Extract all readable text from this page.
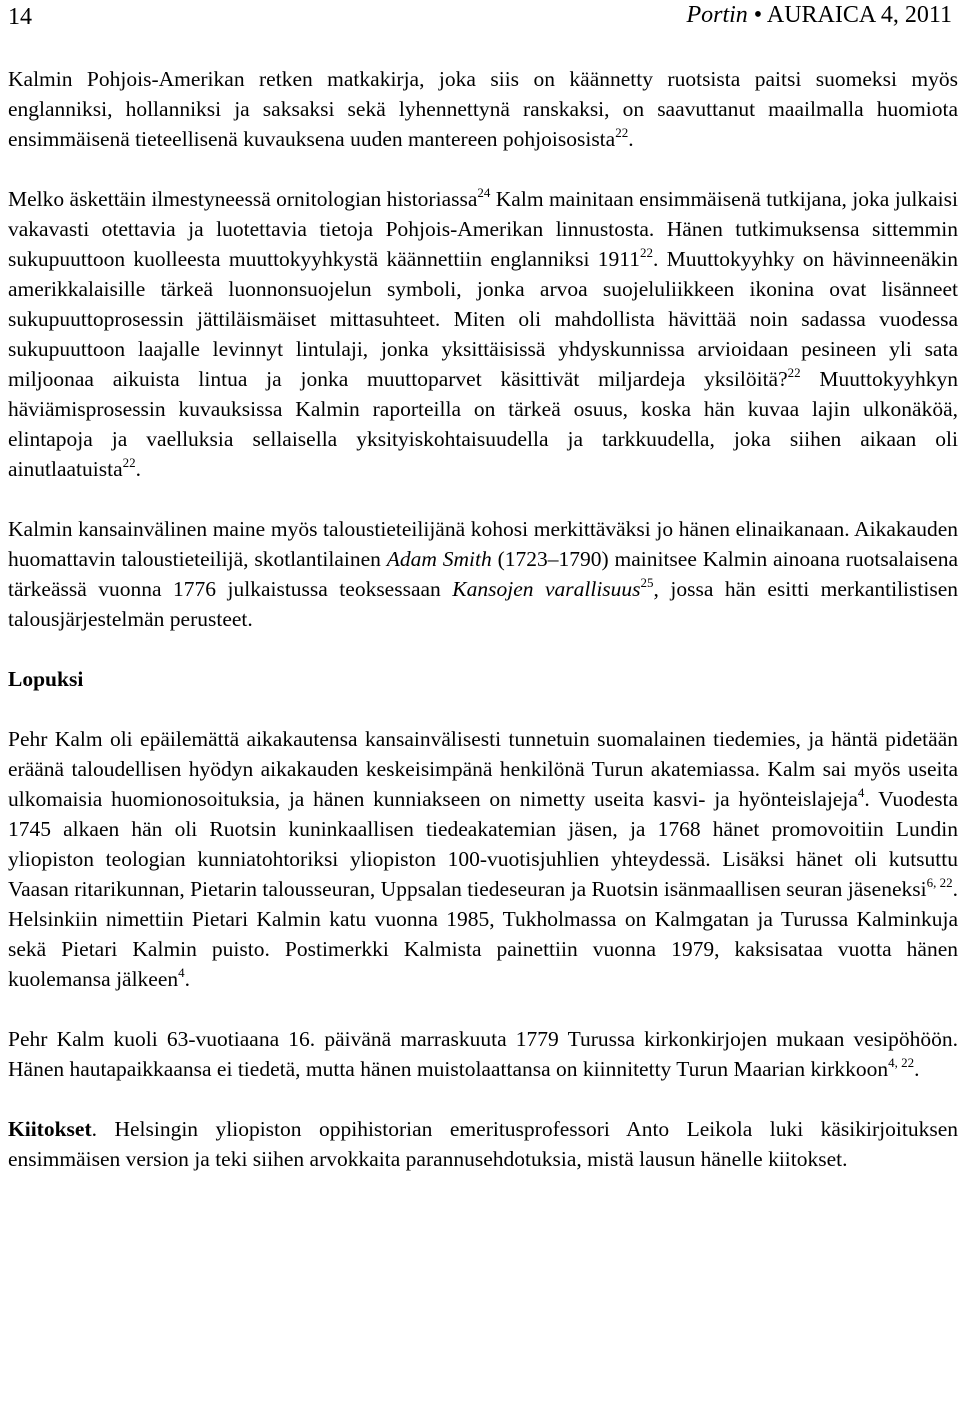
14	Portin • AURAICA 4, 2011

Kalmin Pohjois-Amerikan retken matkakirja, joka siis on käännetty ruotsista paitsi suomeksi myös englanniksi, hollanniksi ja saksaksi sekä lyhennettynä ranskaksi, on saavuttanut maailmalla huomiota ensimmäisenä tieteellisenä kuvauksena uuden mantereen pohjoisosista$^{22}$.

Melko äskettäin ilmestyneessä ornitologian historiassa$^{24}$ Kalm mainitaan ensimmäisenä tutkijana, joka julkaisi vakavasti otettavia ja luotettavia tietoja Pohjois-Amerikan linnustosta. Hänen tutkimuksensa sittemmin sukupuuttoon kuolleesta muuttokyyhkystä käännettiin englanniksi 1911$^{22}$. Muuttokyyhky on hävinneenäkin amerikkalaisille tärkeä luonnonsuojelun symboli, jonka arvoa suojeluliikkeen ikonina ovat lisänneet sukupuuttoprosessin jättiläismäiset mittasuhteet. Miten oli mahdollista hävittää noin sadassa vuodessa sukupuuttoon laajalle levinnyt lintulaji, jonka yksittäisissä yhdyskunnissa arvioidaan pesineen yli sata miljoonaa aikuista lintua ja jonka muuttoparvet käsittivät miljardeja yksilöitä?$^{22}$ Muuttokyyhkyn häviämisprosessin kuvauksissa Kalmin raporteilla on tärkeä osuus, koska hän kuvaa lajin ulkonäköä, elintapoja ja vaelluksia sellaisella yksityiskohtaisuudella ja tarkkuudella, joka siihen aikaan oli ainutlaatuista$^{22}$.

Kalmin kansainvälinen maine myös taloustieteilijänä kohosi merkittäväksi jo hänen elinaikanaan. Aikakauden huomattavin taloustieteilijä, skotlantilainen Adam Smith (1723–1790) mainitsee Kalmin ainoana ruotsalaisena tärkeässä vuonna 1776 julkaistussa teoksessaan Kansojen varallisuus$^{25}$, jossa hän esitti merkantilistisen talousjärjestelmän perusteet.

Lopuksi

Pehr Kalm oli epäilemättä aikakautensa kansainvälisesti tunnetuin suomalainen tiedemies, ja häntä pidetään eräänä taloudellisen hyödyn aikakauden keskeisimpänä henkilönä Turun akatemiassa. Kalm sai myös useita ulkomaisia huomionosoituksia, ja hänen kunniakseen on nimetty useita kasvi- ja hyönteislajeja$^4$. Vuodesta 1745 alkaen hän oli Ruotsin kuninkaallisen tiedeakatemian jäsen, ja 1768 hänet promovoitiin Lundin yliopiston teologian kunniatohtoriksi yliopiston 100-vuotisjuhlien yhteydessä. Lisäksi hänet oli kutsuttu Vaasan ritarikunnan, Pietarin talousseuran, Uppsalan tiedeseuran ja Ruotsin isänmaallisen seuran jäseneksi$^{6, 22}$. Helsinkiin nimettiin Pietari Kalmin katu vuonna 1985, Tukholmassa on Kalmgatan ja Turussa Kalminkuja sekä Pietari Kalmin puisto. Postimerkki Kalmista painettiin vuonna 1979, kaksisataa vuotta hänen kuolemansa jälkeen$^4$.

Pehr Kalm kuoli 63-vuotiaana 16. päivänä marraskuuta 1779 Turussa kirkonkirjojen mukaan vesipöhöön. Hänen hautapaikkaansa ei tiedetä, mutta hänen muistolaattansa on kiinnitetty Turun Maarian kirkkoon$^{4, 22}$.

Kiitokset. Helsingin yliopiston oppihistorian emeritusprofessori Anto Leikola luki käsikirjoituksen ensimmäisen version ja teki siihen arvokkaita parannusehdotuksia, mistä lausun hänelle kiitokset.
